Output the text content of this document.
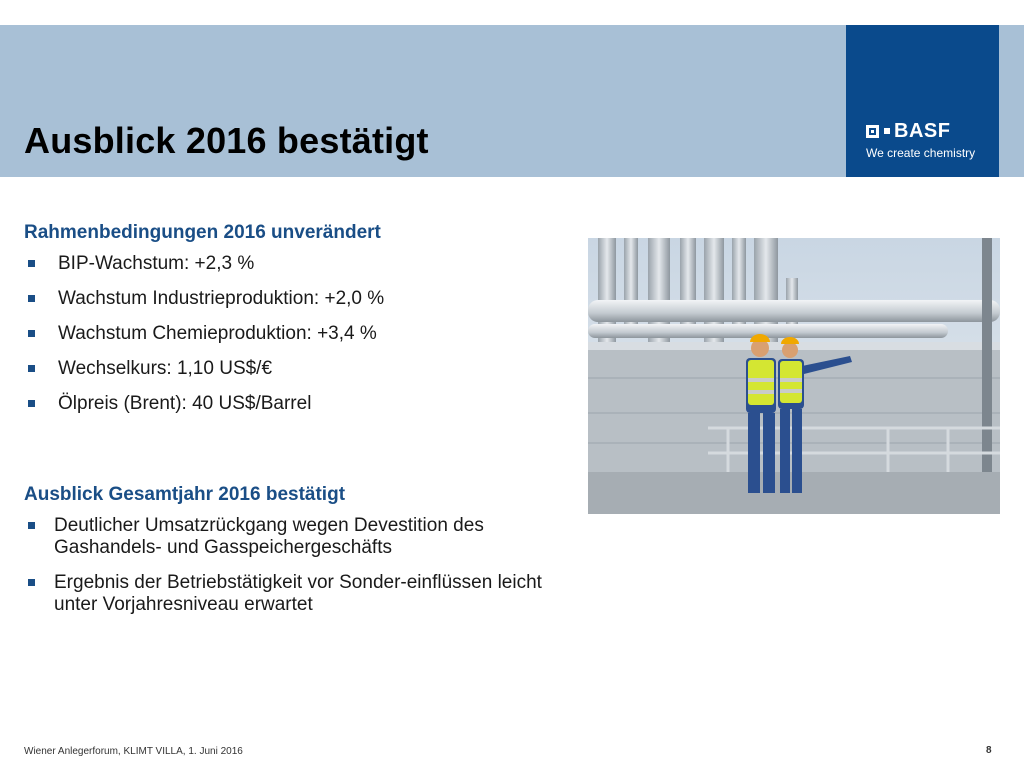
Ausblick 2016 bestätigt	BASF
We create chemistry
Rahmenbedingungen 2016 unverändert
BIP-Wachstum: +2,3 %
Wachstum Industrieproduktion: +2,0 %
Wachstum Chemieproduktion: +3,4 %
Wechselkurs: 1,10 US$/€
Ölpreis (Brent): 40 US$/Barrel
Ausblick Gesamtjahr 2016 bestätigt
Deutlicher Umsatzrückgang wegen Devestition des Gashandels- und Gasspeichergeschäfts
Ergebnis der Betriebstätigkeit vor Sonder-einflüssen leicht unter Vorjahresniveau erwartet
Wiener Anlegerforum, KLIMT VILLA, 1. Juni 2016	8
